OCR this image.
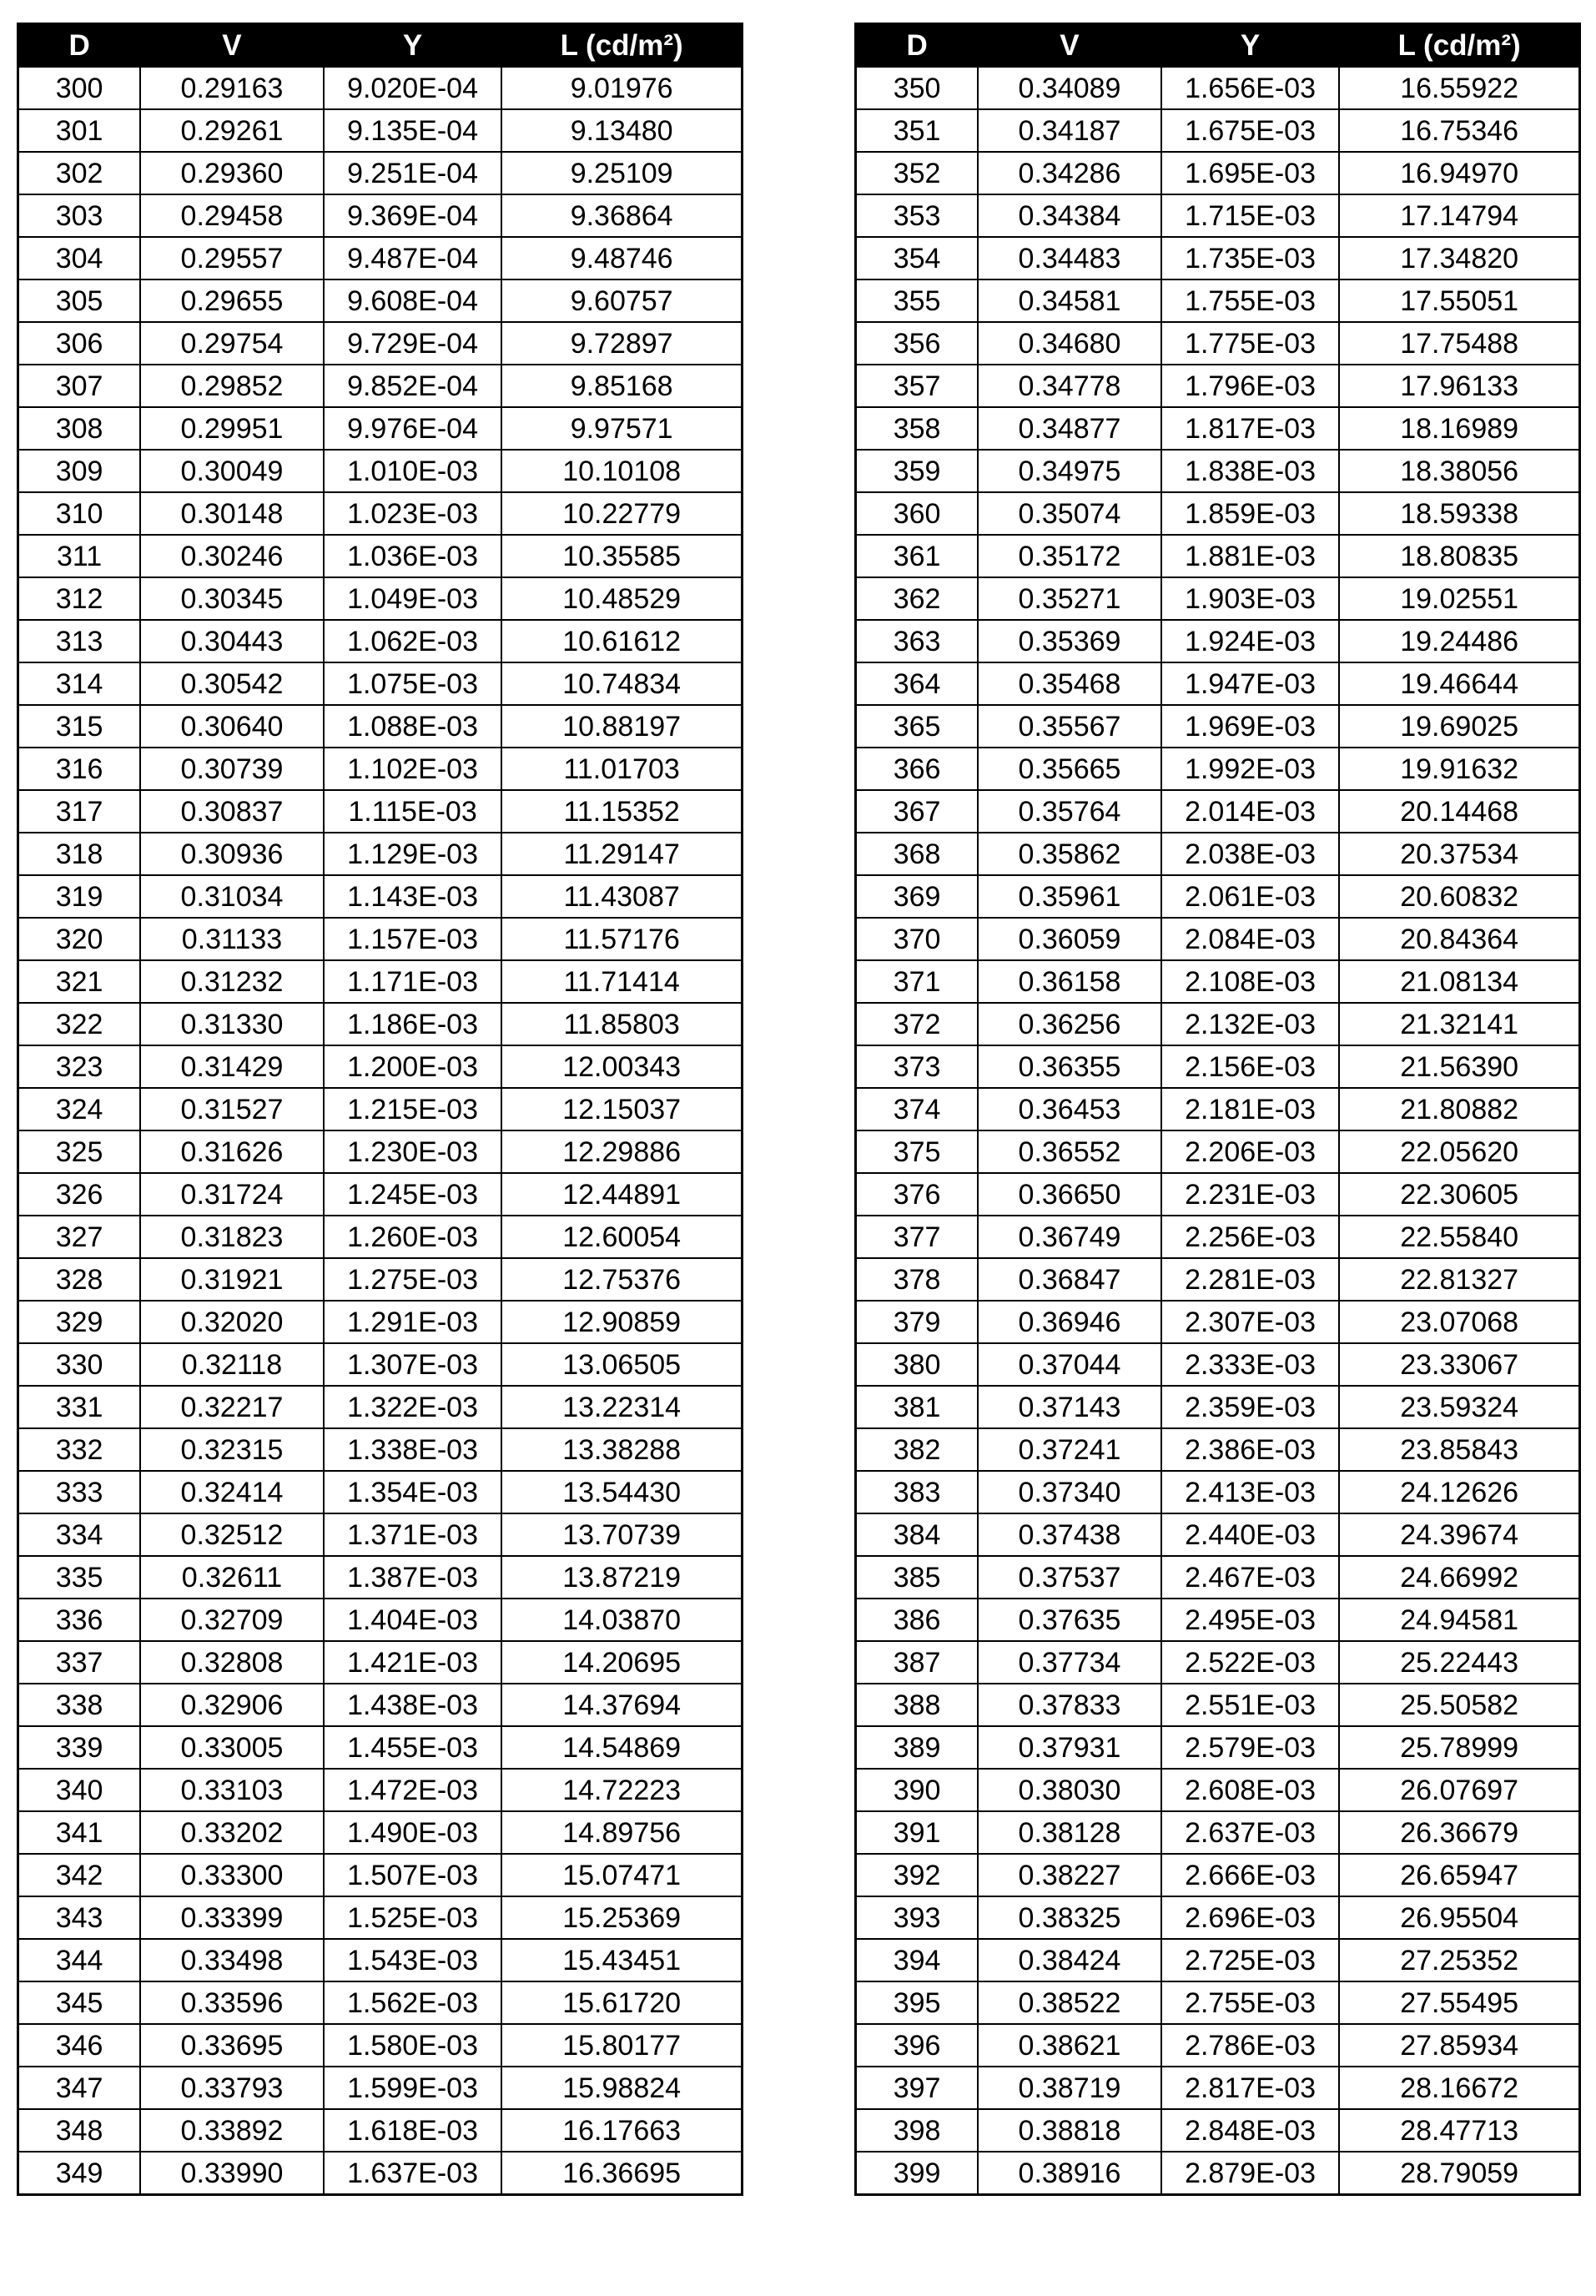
D	V	Y	L (cd/m²)
300	0.29163	9.020E-04	9.01976
301	0.29261	9.135E-04	9.13480
302	0.29360	9.251E-04	9.25109
303	0.29458	9.369E-04	9.36864
304	0.29557	9.487E-04	9.48746
305	0.29655	9.608E-04	9.60757
306	0.29754	9.729E-04	9.72897
307	0.29852	9.852E-04	9.85168
308	0.29951	9.976E-04	9.97571
309	0.30049	1.010E-03	10.10108
310	0.30148	1.023E-03	10.22779
311	0.30246	1.036E-03	10.35585
312	0.30345	1.049E-03	10.48529
313	0.30443	1.062E-03	10.61612
314	0.30542	1.075E-03	10.74834
315	0.30640	1.088E-03	10.88197
316	0.30739	1.102E-03	11.01703
317	0.30837	1.115E-03	11.15352
318	0.30936	1.129E-03	11.29147
319	0.31034	1.143E-03	11.43087
320	0.31133	1.157E-03	11.57176
321	0.31232	1.171E-03	11.71414
322	0.31330	1.186E-03	11.85803
323	0.31429	1.200E-03	12.00343
324	0.31527	1.215E-03	12.15037
325	0.31626	1.230E-03	12.29886
326	0.31724	1.245E-03	12.44891
327	0.31823	1.260E-03	12.60054
328	0.31921	1.275E-03	12.75376
329	0.32020	1.291E-03	12.90859
330	0.32118	1.307E-03	13.06505
331	0.32217	1.322E-03	13.22314
332	0.32315	1.338E-03	13.38288
333	0.32414	1.354E-03	13.54430
334	0.32512	1.371E-03	13.70739
335	0.32611	1.387E-03	13.87219
336	0.32709	1.404E-03	14.03870
337	0.32808	1.421E-03	14.20695
338	0.32906	1.438E-03	14.37694
339	0.33005	1.455E-03	14.54869
340	0.33103	1.472E-03	14.72223
341	0.33202	1.490E-03	14.89756
342	0.33300	1.507E-03	15.07471
343	0.33399	1.525E-03	15.25369
344	0.33498	1.543E-03	15.43451
345	0.33596	1.562E-03	15.61720
346	0.33695	1.580E-03	15.80177
347	0.33793	1.599E-03	15.98824
348	0.33892	1.618E-03	16.17663
349	0.33990	1.637E-03	16.36695
D	V	Y	L (cd/m²)
350	0.34089	1.656E-03	16.55922
351	0.34187	1.675E-03	16.75346
352	0.34286	1.695E-03	16.94970
353	0.34384	1.715E-03	17.14794
354	0.34483	1.735E-03	17.34820
355	0.34581	1.755E-03	17.55051
356	0.34680	1.775E-03	17.75488
357	0.34778	1.796E-03	17.96133
358	0.34877	1.817E-03	18.16989
359	0.34975	1.838E-03	18.38056
360	0.35074	1.859E-03	18.59338
361	0.35172	1.881E-03	18.80835
362	0.35271	1.903E-03	19.02551
363	0.35369	1.924E-03	19.24486
364	0.35468	1.947E-03	19.46644
365	0.35567	1.969E-03	19.69025
366	0.35665	1.992E-03	19.91632
367	0.35764	2.014E-03	20.14468
368	0.35862	2.038E-03	20.37534
369	0.35961	2.061E-03	20.60832
370	0.36059	2.084E-03	20.84364
371	0.36158	2.108E-03	21.08134
372	0.36256	2.132E-03	21.32141
373	0.36355	2.156E-03	21.56390
374	0.36453	2.181E-03	21.80882
375	0.36552	2.206E-03	22.05620
376	0.36650	2.231E-03	22.30605
377	0.36749	2.256E-03	22.55840
378	0.36847	2.281E-03	22.81327
379	0.36946	2.307E-03	23.07068
380	0.37044	2.333E-03	23.33067
381	0.37143	2.359E-03	23.59324
382	0.37241	2.386E-03	23.85843
383	0.37340	2.413E-03	24.12626
384	0.37438	2.440E-03	24.39674
385	0.37537	2.467E-03	24.66992
386	0.37635	2.495E-03	24.94581
387	0.37734	2.522E-03	25.22443
388	0.37833	2.551E-03	25.50582
389	0.37931	2.579E-03	25.78999
390	0.38030	2.608E-03	26.07697
391	0.38128	2.637E-03	26.36679
392	0.38227	2.666E-03	26.65947
393	0.38325	2.696E-03	26.95504
394	0.38424	2.725E-03	27.25352
395	0.38522	2.755E-03	27.55495
396	0.38621	2.786E-03	27.85934
397	0.38719	2.817E-03	28.16672
398	0.38818	2.848E-03	28.47713
399	0.38916	2.879E-03	28.79059
